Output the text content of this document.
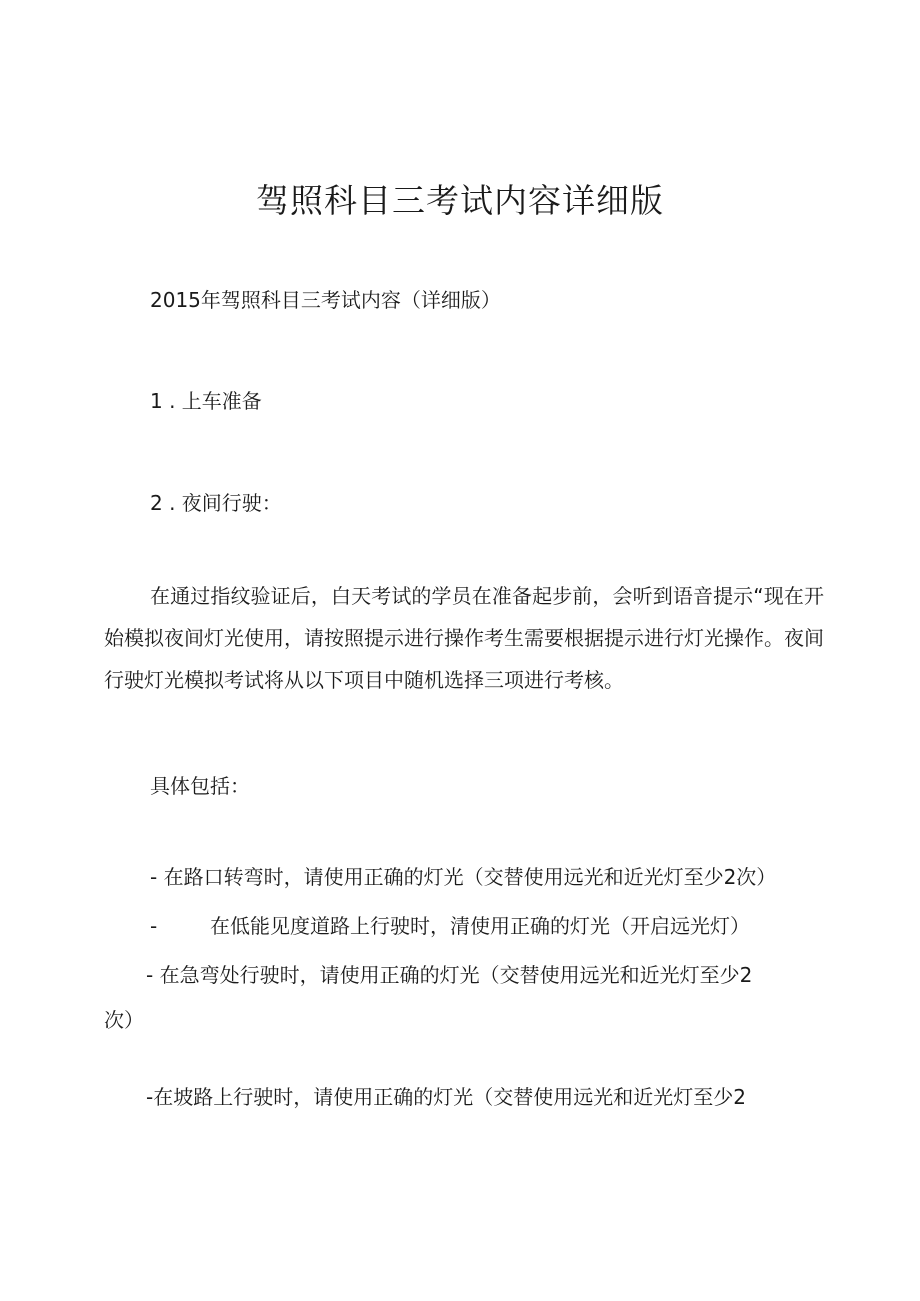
驾照科目三考试内容详细版

2015年驾照科目三考试内容（详细版）

1 . 上车准备

2 . 夜间行驶：

在通过指纹验证后，白天考试的学员在准备起步前，会听到语音提示“现在开始模拟夜间灯光使用，请按照提示进行操作考生需要根据提示进行灯光操作。夜间行驶灯光模拟考试将从以下项目中随机选择三项进行考核。

具体包括：

- 在路口转弯时，请使用正确的灯光（交替使用远光和近光灯至少2次）

-	在低能见度道路上行驶时，清使用正确的灯光（开启远光灯）

- 在急弯处行驶时，请使用正确的灯光（交替使用远光和近光灯至少2

次）

-在坡路上行驶时，请使用正确的灯光（交替使用远光和近光灯至少2
